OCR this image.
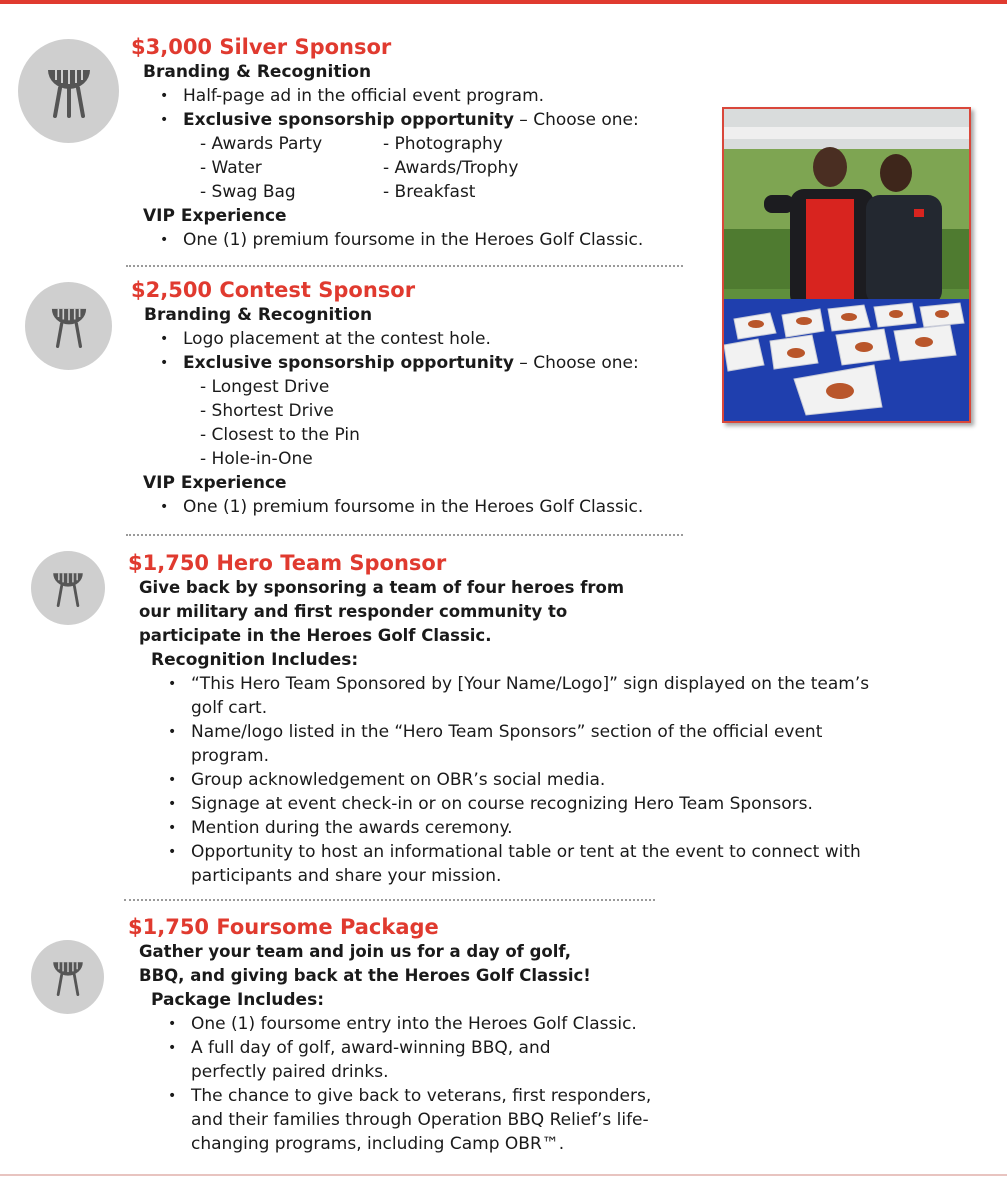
$3,000 Silver Sponsor
Branding & Recognition
• Half-page ad in the official event program.
• Exclusive sponsorship opportunity – Choose one:
- Awards Party	- Photography
- Water	- Awards/Trophy
- Swag Bag	- Breakfast
VIP Experience
• One (1) premium foursome in the Heroes Golf Classic.
$2,500 Contest Sponsor
Branding & Recognition
• Logo placement at the contest hole.
• Exclusive sponsorship opportunity – Choose one:
- Longest Drive
- Shortest Drive
- Closest to the Pin
- Hole-in-One
VIP Experience
• One (1) premium foursome in the Heroes Golf Classic.
$1,750 Hero Team Sponsor
Give back by sponsoring a team of four heroes from our military and first responder community to participate in the Heroes Golf Classic.
Recognition Includes:
• “This Hero Team Sponsored by [Your Name/Logo]” sign displayed on the team’s golf cart.
• Name/logo listed in the “Hero Team Sponsors” section of the official event program.
• Group acknowledgement on OBR’s social media.
• Signage at event check-in or on course recognizing Hero Team Sponsors.
• Mention during the awards ceremony.
• Opportunity to host an informational table or tent at the event to connect with participants and share your mission.
$1,750 Foursome Package
Gather your team and join us for a day of golf, BBQ, and giving back at the Heroes Golf Classic!
Package Includes:
• One (1) foursome entry into the Heroes Golf Classic.
• A full day of golf, award-winning BBQ, and perfectly paired drinks.
• The chance to give back to veterans, first responders, and their families through Operation BBQ Relief’s life-changing programs, including Camp OBR™.
